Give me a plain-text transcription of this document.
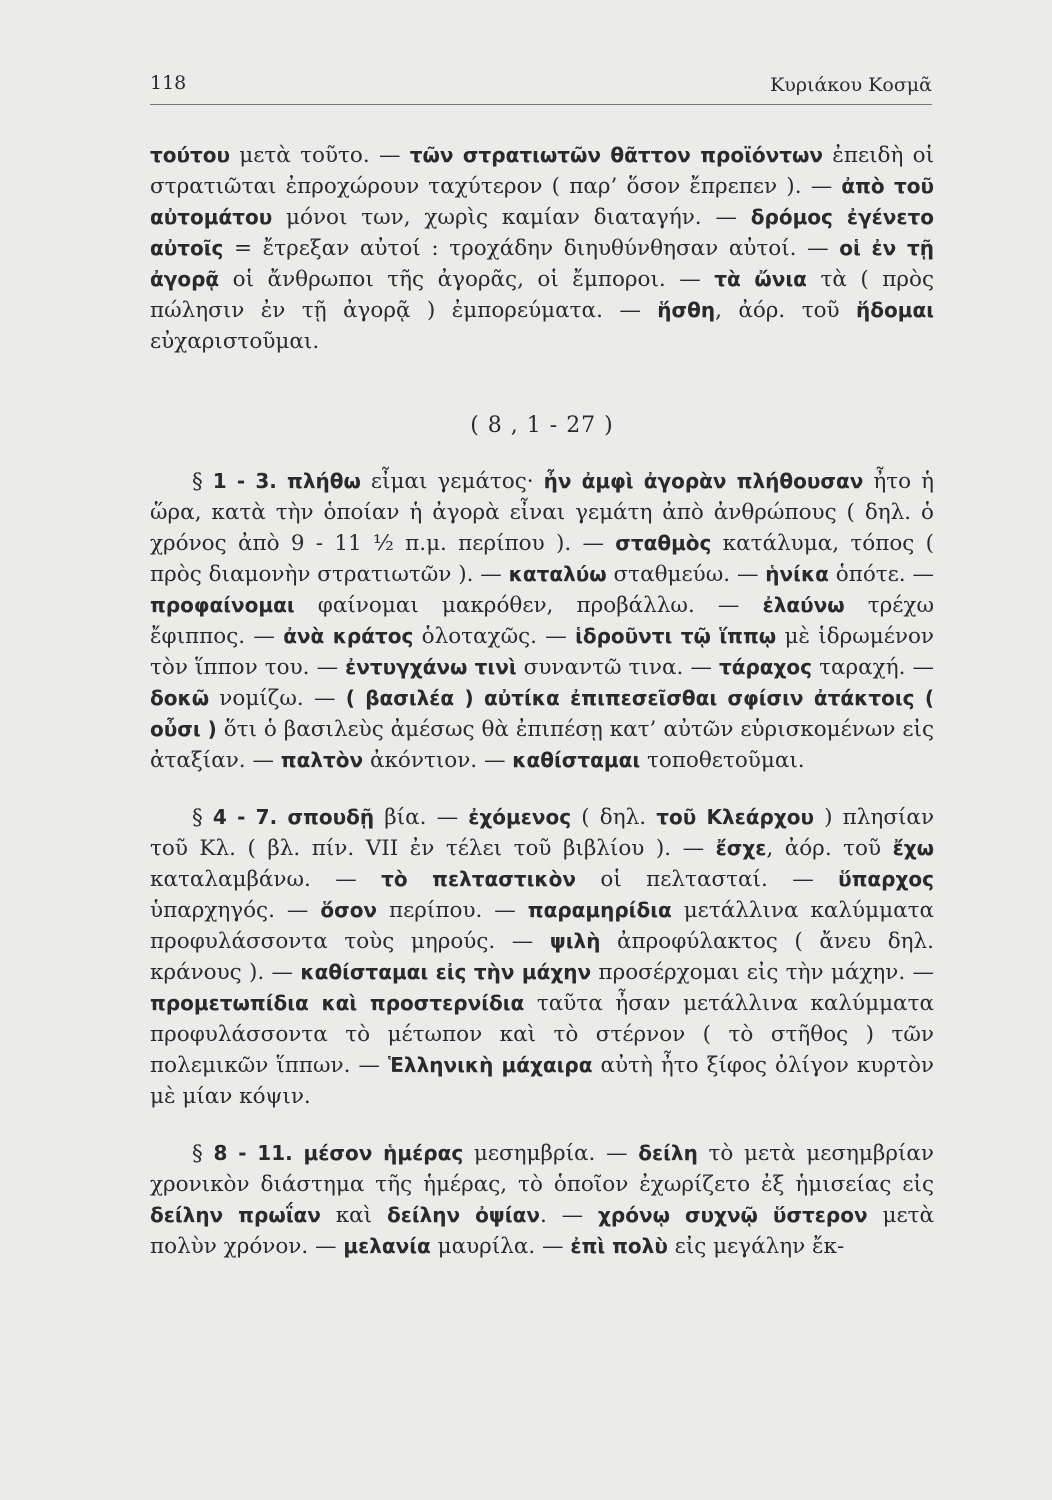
118	Κυριάκου Κοσμᾶ

τούτου μετὰ τοῦτο. — τῶν στρατιωτῶν θᾶττον προϊόντων ἐπειδὴ οἱ στρατιῶται ἐπροχώρουν ταχύτερον ( παρ’ ὅσον ἔπρεπεν ). — ἀπὸ τοῦ αὐτομάτου μόνοι των, χωρὶς καμίαν διαταγήν. — δρόμος ἐγένετο αὐτοῖς = ἔτρεξαν αὐτοί : τροχάδην διηυθύνθησαν αὐτοί. — οἱ ἐν τῇ ἀγορᾷ οἱ ἄνθρωποι τῆς ἀγορᾶς, οἱ ἔμποροι. — τὰ ὤνια τὰ ( πρὸς πώλησιν ἐν τῇ ἀγορᾷ ) ἐμπορεύματα. — ἥσθη, ἀόρ. τοῦ ἥδομαι εὐχαριστοῦμαι.

( 8 , 1 - 27 )

§ 1 - 3. πλήθω εἶμαι γεμάτος· ἦν ἀμφὶ ἀγορὰν πλήθουσαν ἦτο ἡ ὥρα, κατὰ τὴν ὁποίαν ἡ ἀγορὰ εἶναι γεμάτη ἀπὸ ἀνθρώπους ( δηλ. ὁ χρόνος ἀπὸ 9 - 11 ½ π.μ. περίπου ). — σταθμὸς κατάλυμα, τόπος ( πρὸς διαμονὴν στρατιωτῶν ). — καταλύω σταθμεύω. — ἡνίκα ὁπότε. — προφαίνομαι φαίνομαι μακρόθεν, προβάλλω. — ἐλαύνω τρέχω ἔφιππος. — ἀνὰ κράτος ὁλοταχῶς. — ἱδροῦντι τῷ ἵππῳ μὲ ἱδρωμένον τὸν ἵππον του. — ἐντυγχάνω τινὶ συναντῶ τινα. — τάραχος ταραχή. — δοκῶ νομίζω. — ( βασιλέα ) αὐτίκα ἐπιπεσεῖσθαι σφίσιν ἀτάκτοις ( οὖσι ) ὅτι ὁ βασιλεὺς ἀμέσως θὰ ἐπιπέσῃ κατ’ αὐτῶν εὑρισκομένων εἰς ἀταξίαν. — παλτὸν ἀκόντιον. — καθίσταμαι τοποθετοῦμαι.

§ 4 - 7. σπουδῇ βία. — ἐχόμενος ( δηλ. τοῦ Κλεάρχου ) πλησίαν τοῦ Κλ. ( βλ. πίν. VII ἐν τέλει τοῦ βιβλίου ). — ἔσχε, ἀόρ. τοῦ ἔχω καταλαμβάνω. — τὸ πελταστικὸν οἱ πελτασταί. — ὕπαρχος ὑπαρχηγός. — ὅσον περίπου. — παραμηρίδια μετάλλινα καλύμματα προφυλάσσοντα τοὺς μηρούς. — ψιλὴ ἀπροφύλακτος ( ἄνευ δηλ. κράνους ). — καθίσταμαι εἰς τὴν μάχην προσέρχομαι εἰς τὴν μάχην. — προμετωπίδια καὶ προστερνίδια ταῦτα ἦσαν μετάλλινα καλύμματα προφυλάσσοντα τὸ μέτωπον καὶ τὸ στέρνον ( τὸ στῆθος ) τῶν πολεμικῶν ἵππων. — Ἑλληνικὴ μάχαιρα αὐτὴ ἦτο ξίφος ὀλίγον κυρτὸν μὲ μίαν κόψιν.

§ 8 - 11. μέσον ἡμέρας μεσημβρία. — δείλη τὸ μετὰ μεσημβρίαν χρονικὸν διάστημα τῆς ἡμέρας, τὸ ὁποῖον ἐχωρίζετο ἐξ ἡμισείας εἰς δείλην πρωΐαν καὶ δείλην ὀψίαν. — χρόνῳ συχνῷ ὕστερον μετὰ πολὺν χρόνον. — μελανία μαυρίλα. — ἐπὶ πολὺ εἰς μεγάλην ἔκ-
